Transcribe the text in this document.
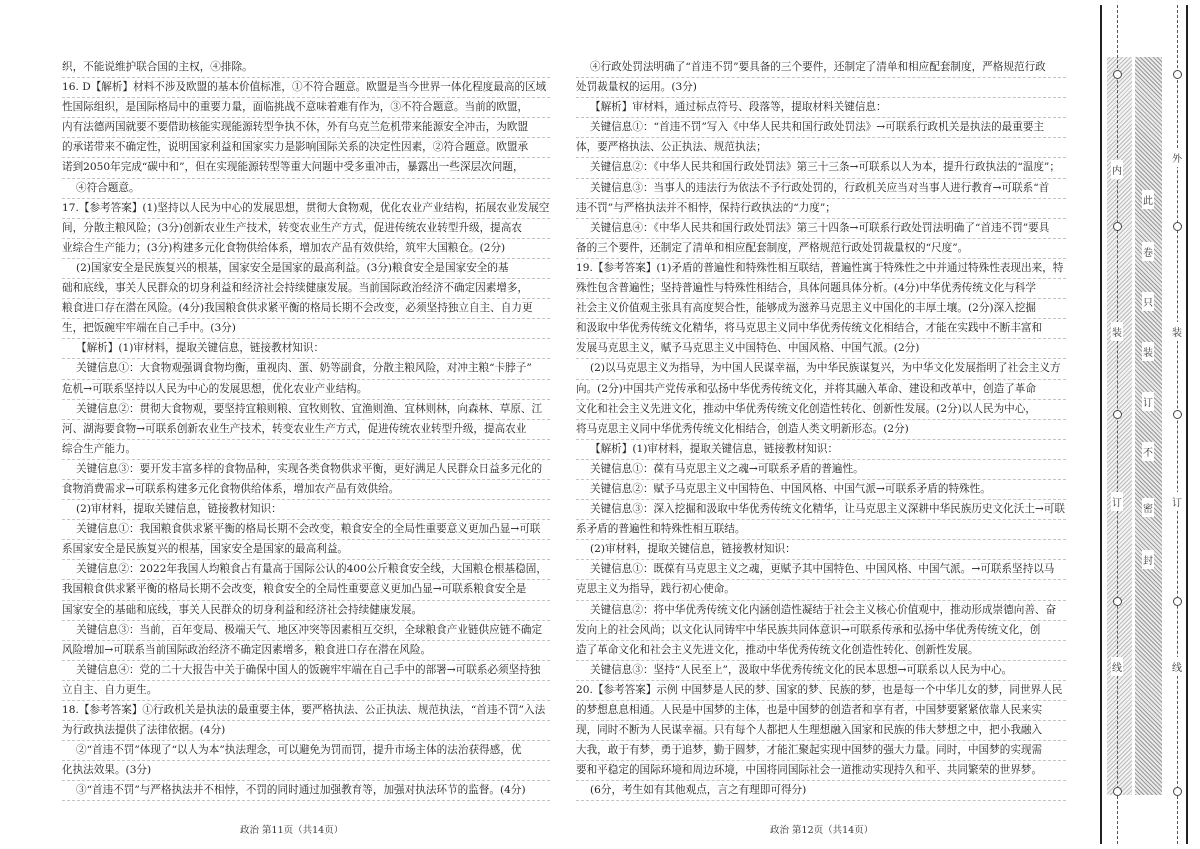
织，不能说维护联合国的主权，④排除。

16. D【解析】材料不涉及欧盟的基本价值标准，①不符合题意。欧盟是当今世界一体化程度最高的区域

性国际组织，是国际格局中的重要力量，面临挑战不意味着难有作为，③不符合题意。当前的欧盟，

内有法德两国就要不要借助核能实现能源转型争执不休，外有乌克兰危机带来能源安全冲击，为欧盟

的承诺带来不确定性，说明国家利益和国家实力是影响国际关系的决定性因素，②符合题意。欧盟承

诺到2050年完成“碳中和”，但在实现能源转型等重大问题中受多重冲击，暴露出一些深层次问题，

④符合题意。

17.【参考答案】(1)坚持以人民为中心的发展思想，贯彻大食物观，优化农业产业结构，拓展农业发展空

间，分散主粮风险；(3分)创新农业生产技术，转变农业生产方式，促进传统农业转型升级，提高农

业综合生产能力；(3分)构建多元化食物供给体系，增加农产品有效供给，筑牢大国粮仓。(2分)

(2)国家安全是民族复兴的根基，国家安全是国家的最高利益。(3分)粮食安全是国家安全的基

础和底线，事关人民群众的切身利益和经济社会持续健康发展。当前国际政治经济不确定因素增多，

粮食进口存在潜在风险。(4分)我国粮食供求紧平衡的格局长期不会改变，必须坚持独立自主、自力更

生，把饭碗牢牢端在自己手中。(3分)

【解析】(1)审材料，提取关键信息，链接教材知识：

关键信息①：大食物观强调食物均衡，重视肉、蛋、奶等副食，分散主粮风险，对冲主粮“卡脖子”

危机→可联系坚持以人民为中心的发展思想，优化农业产业结构。

关键信息②：贯彻大食物观，要坚持宜粮则粮、宜牧则牧、宜渔则渔、宜林则林，向森林、草原、江

河、湖海要食物→可联系创新农业生产技术，转变农业生产方式，促进传统农业转型升级，提高农业

综合生产能力。

关键信息③：要开发丰富多样的食物品种，实现各类食物供求平衡，更好满足人民群众日益多元化的

食物消费需求→可联系构建多元化食物供给体系，增加农产品有效供给。

(2)审材料，提取关键信息，链接教材知识：

关键信息①：我国粮食供求紧平衡的格局长期不会改变，粮食安全的全局性重要意义更加凸显→可联

系国家安全是民族复兴的根基，国家安全是国家的最高利益。

关键信息②：2022年我国人均粮食占有量高于国际公认的400公斤粮食安全线，大国粮仓根基稳固，

我国粮食供求紧平衡的格局长期不会改变，粮食安全的全局性重要意义更加凸显→可联系粮食安全是

国家安全的基础和底线，事关人民群众的切身利益和经济社会持续健康发展。

关键信息③：当前，百年变局、极端天气、地区冲突等因素相互交织，全球粮食产业链供应链不确定

风险增加→可联系当前国际政治经济不确定因素增多，粮食进口存在潜在风险。

关键信息④：党的二十大报告中关于确保中国人的饭碗牢牢端在自己手中的部署→可联系必须坚持独

立自主、自力更生。

18.【参考答案】①行政机关是执法的最重要主体，要严格执法、公正执法、规范执法，“首违不罚”入法

为行政执法提供了法律依据。(4分)

②“首违不罚”体现了“以人为本”执法理念，可以避免为罚而罚，提升市场主体的法治获得感，优

化执法效果。(3分)

③“首违不罚”与严格执法并不相悖，不罚的同时通过加强教育等，加强对执法环节的监督。(4分)

④行政处罚法明确了“首违不罚”要具备的三个要件，还制定了清单和相应配套制度，严格规范行政

处罚裁量权的运用。(3分)

【解析】审材料，通过标点符号、段落等，提取材料关键信息：

关键信息①：“首违不罚”写入《中华人民共和国行政处罚法》→可联系行政机关是执法的最重要主

体，要严格执法、公正执法、规范执法；

关键信息②：《中华人民共和国行政处罚法》第三十三条→可联系以人为本，提升行政执法的“温度”；

关键信息③：当事人的违法行为依法不予行政处罚的，行政机关应当对当事人进行教育→可联系“首

违不罚”与严格执法并不相悖，保持行政执法的“力度”；

关键信息④：《中华人民共和国行政处罚法》第三十四条→可联系行政处罚法明确了“首违不罚”要具

备的三个要件，还制定了清单和相应配套制度，严格规范行政处罚裁量权的“尺度”。

19.【参考答案】(1)矛盾的普遍性和特殊性相互联结，普遍性寓于特殊性之中并通过特殊性表现出来，特

殊性包含普遍性；坚持普遍性与特殊性相结合，具体问题具体分析。(4分)中华优秀传统文化与科学

社会主义价值观主张具有高度契合性，能够成为滋养马克思主义中国化的丰厚土壤。(2分)深入挖掘

和汲取中华优秀传统文化精华，将马克思主义同中华优秀传统文化相结合，才能在实践中不断丰富和

发展马克思主义，赋予马克思主义中国特色、中国风格、中国气派。(2分)

(2)以马克思主义为指导，为中国人民谋幸福，为中华民族谋复兴，为中华文化发展指明了社会主义方

向。(2分)中国共产党传承和弘扬中华优秀传统文化，并将其融入革命、建设和改革中，创造了革命

文化和社会主义先进文化，推动中华优秀传统文化创造性转化、创新性发展。(2分)以人民为中心，

将马克思主义同中华优秀传统文化相结合，创造人类文明新形态。(2分)

【解析】(1)审材料，提取关键信息，链接教材知识：

关键信息①：葆有马克思主义之魂→可联系矛盾的普遍性。

关键信息②：赋予马克思主义中国特色、中国风格、中国气派→可联系矛盾的特殊性。

关键信息③：深入挖掘和汲取中华优秀传统文化精华，让马克思主义深耕中华民族历史文化沃土→可联

系矛盾的普遍性和特殊性相互联结。

(2)审材料，提取关键信息，链接教材知识：

关键信息①：既葆有马克思主义之魂，更赋予其中国特色、中国风格、中国气派。→可联系坚持以马

克思主义为指导，践行初心使命。

关键信息②：将中华优秀传统文化内涵创造性凝结于社会主义核心价值观中，推动形成崇德向善、奋

发向上的社会风尚；以文化认同铸牢中华民族共同体意识→可联系传承和弘扬中华优秀传统文化，创

造了革命文化和社会主义先进文化，推动中华优秀传统文化创造性转化、创新性发展。

关键信息③：坚持“人民至上”，汲取中华优秀传统文化的民本思想→可联系以人民为中心。

20.【参考答案】示例 中国梦是人民的梦、国家的梦、民族的梦，也是每一个中华儿女的梦，同世界人民

的梦想息息相通。人民是中国梦的主体，也是中国梦的创造者和享有者，中国梦要紧紧依靠人民来实

现，同时不断为人民谋幸福。只有每个人都把人生理想融入国家和民族的伟大梦想之中，把小我融入

大我，敢于有梦，勇于追梦，勤于圆梦，才能汇聚起实现中国梦的强大力量。同时，中国梦的实现需

要和平稳定的国际环境和周边环境，中国将同国际社会一道推动实现持久和平、共同繁荣的世界梦。

(6分，考生如有其他观点，言之有理即可得分)

政治 第11页（共14页）	政治 第12页（共14页）
外
装
订
线
内
装
订
线
此
卷
只
装
订
不
密
封
